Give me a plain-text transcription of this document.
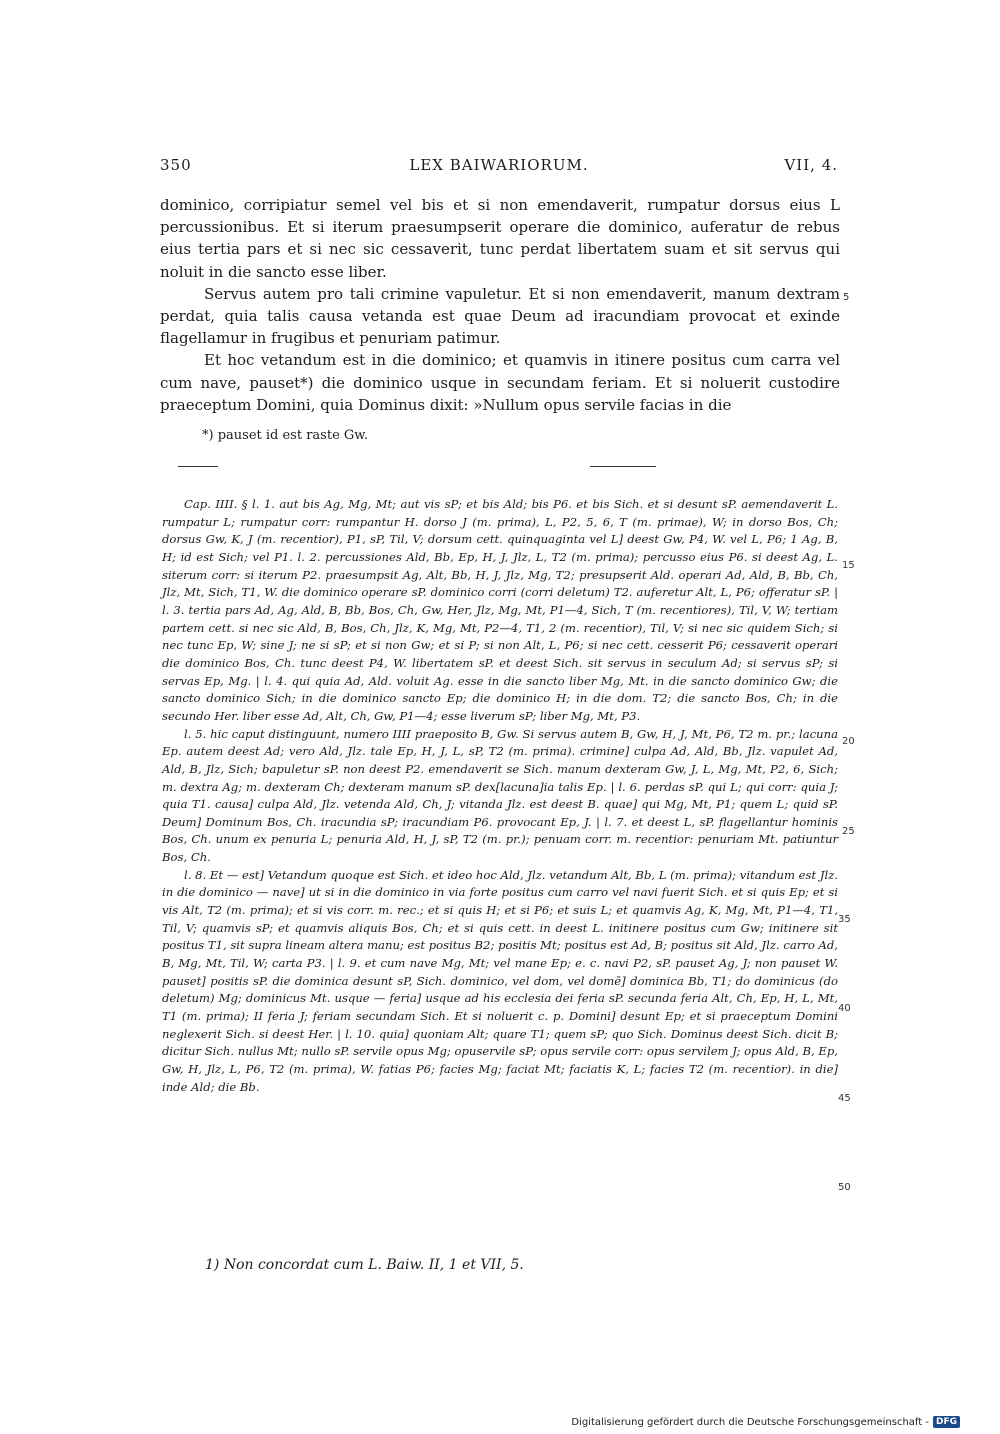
LEX BAIWARIORUM.
350	VII, 4.

dominico, corripiatur semel vel bis et si non emendaverit, rumpatur dorsus eius L percussionibus. Et si iterum praesumpserit operare die dominico, auferatur de rebus eius tertia pars et si nec sic cessaverit, tunc perdat libertatem suam et sit servus qui noluit in die sancto esse liber.

Servus autem pro tali crimine vapuletur. Et si non emendaverit, manum dextram perdat, quia talis causa vetanda est quae Deum ad iracundiam provocat et exinde flagellamur in frugibus et penuriam patimur.

Et hoc vetandum est in die dominico; et quamvis in itinere positus cum carra vel cum nave, pauset*) die dominico usque in secundam feriam. Et si noluerit custodire praeceptum Domini, quia Dominus dixit: »Nullum opus servile facias in die

*) pauset id est raste Gw.

Cap. IIII. § l. 1. aut bis Ag, Mg, Mt; aut vis sP; et bis Ald; bis P6. et bis Sich. et si desunt sP. aemendaverit L. rumpatur L; rumpatur corr: rumpantur H. dorso J (m. prima), L, P2, 5, 6, T (m. primae), W; in dorso Bos, Ch; dorsus Gw, K, J (m. recentior), P1, sP, Til, V; dorsum cett. quinquaginta vel L] deest Gw, P4, W. vel L, P6; 1 Ag, B, H; id est Sich; vel P1. l. 2. percussiones Ald, Bb, Ep, H, J, Jlz, L, T2 (m. prima); percusso eius P6. si deest Ag, L. siterum corr: si iterum P2. praesumpsit Ag, Alt, Bb, H, J, Jlz, Mg, T2; presupserit Ald. operari Ad, Ald, B, Bb, Ch, Jlz, Mt, Sich, T1, W. die dominico operare sP. dominico corri (corri deletum) T2. auferetur Alt, L, P6; offeratur sP. | l. 3. tertia pars Ad, Ag, Ald, B, Bb, Bos, Ch, Gw, Her, Jlz, Mg, Mt, P1—4, Sich, T (m. recentiores), Til, V, W; tertiam partem cett. si nec sic Ald, B, Bos, Ch, Jlz, K, Mg, Mt, P2—4, T1, 2 (m. recentior), Til, V; si nec sic quidem Sich; si nec tunc Ep, W; sine J; ne si sP; et si non Gw; et si P; si non Alt, L, P6; si nec cett. cesserit P6; cessaverit operari die dominico Bos, Ch. tunc deest P4, W. libertatem sP. et deest Sich. sit servus in seculum Ad; si servus sP; si servas Ep, Mg. | l. 4. qui quia Ad, Ald. voluit Ag. esse in die sancto liber Mg, Mt. in die sancto dominico Gw; die sancto dominico Sich; in die dominico sancto Ep; die dominico H; in die dom. T2; die sancto Bos, Ch; in die secundo Her. liber esse Ad, Alt, Ch, Gw, P1—4; esse liverum sP; liber Mg, Mt, P3.

l. 5. hic caput distinguunt, numero IIII praeposito B, Gw. Si servus autem B, Gw, H, J, Mt, P6, T2 m. pr.; lacuna Ep. autem deest Ad; vero Ald, Jlz. tale Ep, H, J, L, sP, T2 (m. prima). crimine] culpa Ad, Ald, Bb, Jlz. vapulet Ad, Ald, B, Jlz, Sich; bapuletur sP. non deest P2. emendaverit se Sich. manum dexteram Gw, J, L, Mg, Mt, P2, 6, Sich; m. dextra Ag; m. dexteram Ch; dexteram manum sP. dex[lacuna]ia talis Ep. | l. 6. perdas sP. qui L; qui corr: quia J; quia T1. causa] culpa Ald, Jlz. vetenda Ald, Ch, J; vitanda Jlz. est deest B. quae] qui Mg, Mt, P1; quem L; quid sP. Deum] Dominum Bos, Ch. iracundia sP; iracundiam P6. provocant Ep, J. | l. 7. et deest L, sP. flagellantur hominis Bos, Ch. unum ex penuria L; penuria Ald, H, J, sP, T2 (m. pr.); penuam corr. m. recentior: penuriam Mt. patiuntur Bos, Ch.

l. 8. Et — est] Vetandum quoque est Sich. et ideo hoc Ald, Jlz. vetandum Alt, Bb, L (m. prima); vitandum est Jlz. in die dominico — nave] ut si in die dominico in via forte positus cum carro vel navi fuerit Sich. et si quis Ep; et si vis Alt, T2 (m. prima); et si vis corr. m. rec.; et si quis H; et si P6; et suis L; et quamvis Ag, K, Mg, Mt, P1—4, T1, Til, V; quamvis sP; et quamvis aliquis Bos, Ch; et si quis cett. in deest L. initinere positus cum Gw; initinere sit positus T1, sit supra lineam altera manu; est positus B2; positis Mt; positus est Ad, B; positus sit Ald, Jlz. carro Ad, B, Mg, Mt, Til, W; carta P3. | l. 9. et cum nave Mg, Mt; vel mane Ep; e. c. navi P2, sP. pauset Ag, J; non pauset W. pauset] positis sP. die dominica desunt sP, Sich. dominico, vel dom, vel domē] dominica Bb, T1; do dominicus (do deletum) Mg; dominicus Mt. usque — feria] usque ad his ecclesia dei feria sP. secunda feria Alt, Ch, Ep, H, L, Mt, T1 (m. prima); II feria J; feriam secundam Sich. Et si noluerit c. p. Domini] desunt Ep; et si praeceptum Domini neglexerit Sich. si deest Her. | l. 10. quia] quoniam Alt; quare T1; quem sP; quo Sich. Dominus deest Sich. dicit B; dicitur Sich. nullus Mt; nullo sP. servile opus Mg; opuservile sP; opus servile corr: opus servilem J; opus Ald, B, Ep, Gw, H, Jlz, L, P6, T2 (m. prima), W. fatias P6; facies Mg; faciat Mt; faciatis K, L; facies T2 (m. recentior). in die] inde Ald; die Bb.

5
15
20
25
35
40
45
50
1) Non concordat cum L. Baiw. II, 1 et VII, 5.
Digitalisierung gefördert durch die Deutsche Forschungsgemeinschaft - DFG
